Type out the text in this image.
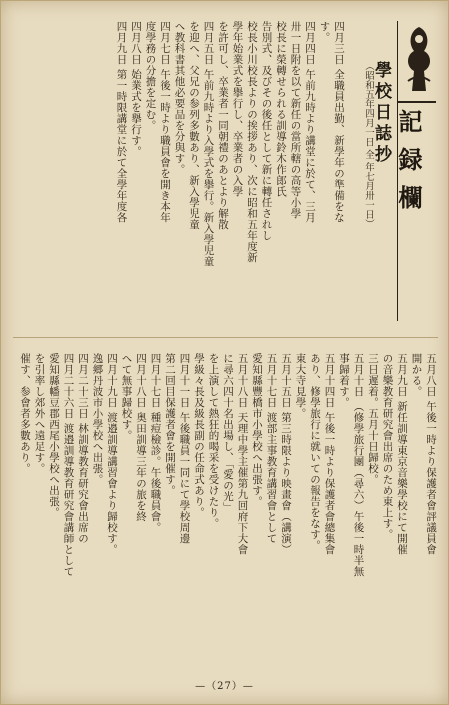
記録欄
學校日誌抄
（昭和五年四月一日 全 年七月卅一日）
四月三日 全職員出勤、新學年の準備をな
す。
四月四日 午前九時より講堂に於て、三月
卅一日附を以て新任の當所轄の高等小學
校長に榮轉せられる訓導鈴木作郎氏
告別式、及びその後任として新に轉任されし
校長小川校長よりの挨拶あり、次に昭和五年度新
學年始業式を擧行し、卒業者の入學
を許可し、卒業者一同朝禮のあとより解散
四月五日 午前九時より入學式を擧行。新入學児童
を迎へ、父兄の参列多數あり、新入學児童
へ教科書其他必要品を分與す。
四月七日 午後一時より職員會を開き本年
度學務の分擔を定む。
四月八日 始業式を擧行す。
四月九日 第一時限講堂に於て全學年度各
五月八日 午後一時より保護者會評議員會
開かる。
五月九日 新任訓導東京音樂學校にて開催
の音樂教育研究會出席のため東上す。
三日遲着。五月十日歸校。
五月十日 （修學旅行團（尋六）午後一時半無
事歸着す。
五月十四日 午後一時より保護者會總集會
あり、修學旅行に就いての報告をなす。
東大寺見學。
五月十五日 第三時限より映畫會（講演）
五月十七日 渡部主事教育講習會として
愛知縣豐橋市小學校へ出張す。
五月十八日 天理中學主催第九回府下大會
に尋六四十名出場し、「愛の光」
を上演して熱狂的喝采を受けたり。
學級々長及級長副の任命式あり。
四月十一日 午後職員一同にて學校周邊
第二回目保護者會を開催す。
四月十七日 種痘檢診。午後職員會。
四月十八日 奥田訓導三年の旅を終
へて無事歸校す。
四月十九日 渡邉訓導講習會より歸校す。
逸郷丹波市小學校へ出張。
四月二十三日 林訓導教育研究會出席の
四月二十六日 渡邉訓導教育研究會講師として
愛知縣幡豆郡西尾小學校へ出張。
を引率し郊外へ遠足す。
催す、参會者多數あり。
—（27）—
